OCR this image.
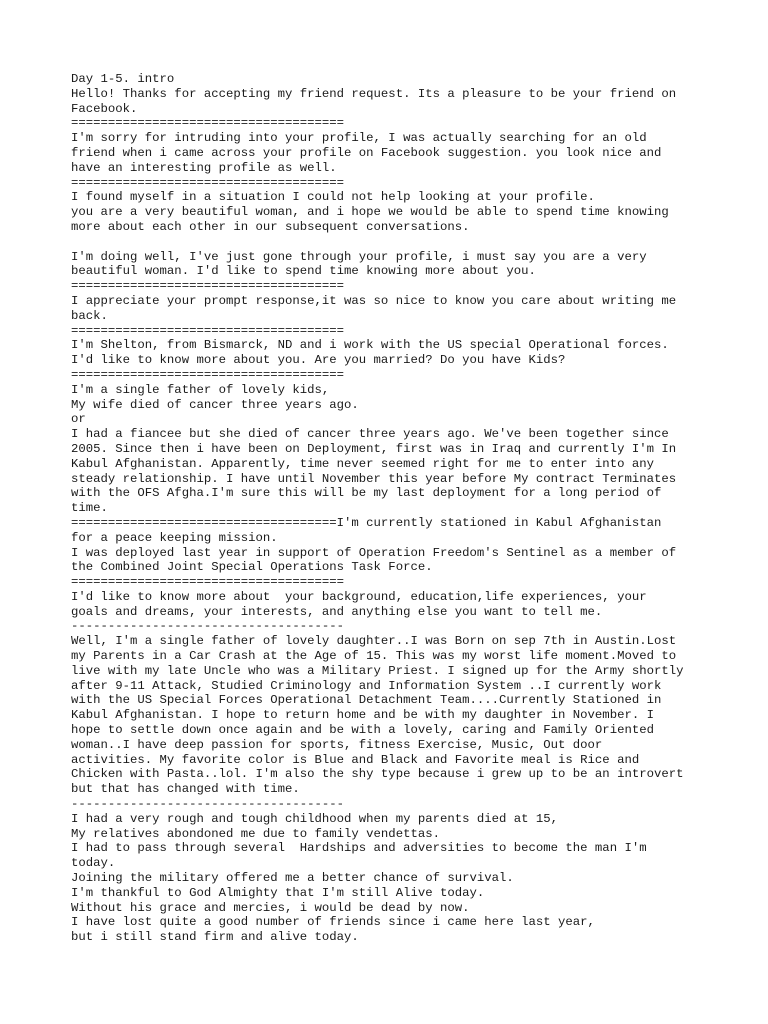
Day 1-5. intro
Hello! Thanks for accepting my friend request. Its a pleasure to be your friend on
Facebook.
=====================================
I'm sorry for intruding into your profile, I was actually searching for an old
friend when i came across your profile on Facebook suggestion. you look nice and
have an interesting profile as well.
=====================================
I found myself in a situation I could not help looking at your profile.
you are a very beautiful woman, and i hope we would be able to spend time knowing
more about each other in our subsequent conversations.
I'm doing well, I've just gone through your profile, i must say you are a very
beautiful woman. I'd like to spend time knowing more about you.
=====================================
I appreciate your prompt response,it was so nice to know you care about writing me
back.
=====================================
I'm Shelton, from Bismarck, ND and i work with the US special Operational forces.
I'd like to know more about you. Are you married? Do you have Kids?
=====================================
I'm a single father of lovely kids,
My wife died of cancer three years ago.
or
I had a fiancee but she died of cancer three years ago. We've been together since
2005. Since then i have been on Deployment, first was in Iraq and currently I'm In
Kabul Afghanistan. Apparently, time never seemed right for me to enter into any
steady relationship. I have until November this year before My contract Terminates
with the OFS Afgha.I'm sure this will be my last deployment for a long period of
time.
====================================I'm currently stationed in Kabul Afghanistan
for a peace keeping mission.
I was deployed last year in support of Operation Freedom's Sentinel as a member of
the Combined Joint Special Operations Task Force.
=====================================
I'd like to know more about  your background, education,life experiences, your
goals and dreams, your interests, and anything else you want to tell me.
-------------------------------------
Well, I'm a single father of lovely daughter..I was Born on sep 7th in Austin.Lost
my Parents in a Car Crash at the Age of 15. This was my worst life moment.Moved to
live with my late Uncle who was a Military Priest. I signed up for the Army shortly
after 9-11 Attack, Studied Criminology and Information System ..I currently work
with the US Special Forces Operational Detachment Team....Currently Stationed in
Kabul Afghanistan. I hope to return home and be with my daughter in November. I
hope to settle down once again and be with a lovely, caring and Family Oriented
woman..I have deep passion for sports, fitness Exercise, Music, Out door
activities. My favorite color is Blue and Black and Favorite meal is Rice and
Chicken with Pasta..lol. I'm also the shy type because i grew up to be an introvert
but that has changed with time.
-------------------------------------
I had a very rough and tough childhood when my parents died at 15,
My relatives abondoned me due to family vendettas.
I had to pass through several  Hardships and adversities to become the man I'm
today.
Joining the military offered me a better chance of survival.
I'm thankful to God Almighty that I'm still Alive today.
Without his grace and mercies, i would be dead by now.
I have lost quite a good number of friends since i came here last year,
but i still stand firm and alive today.
